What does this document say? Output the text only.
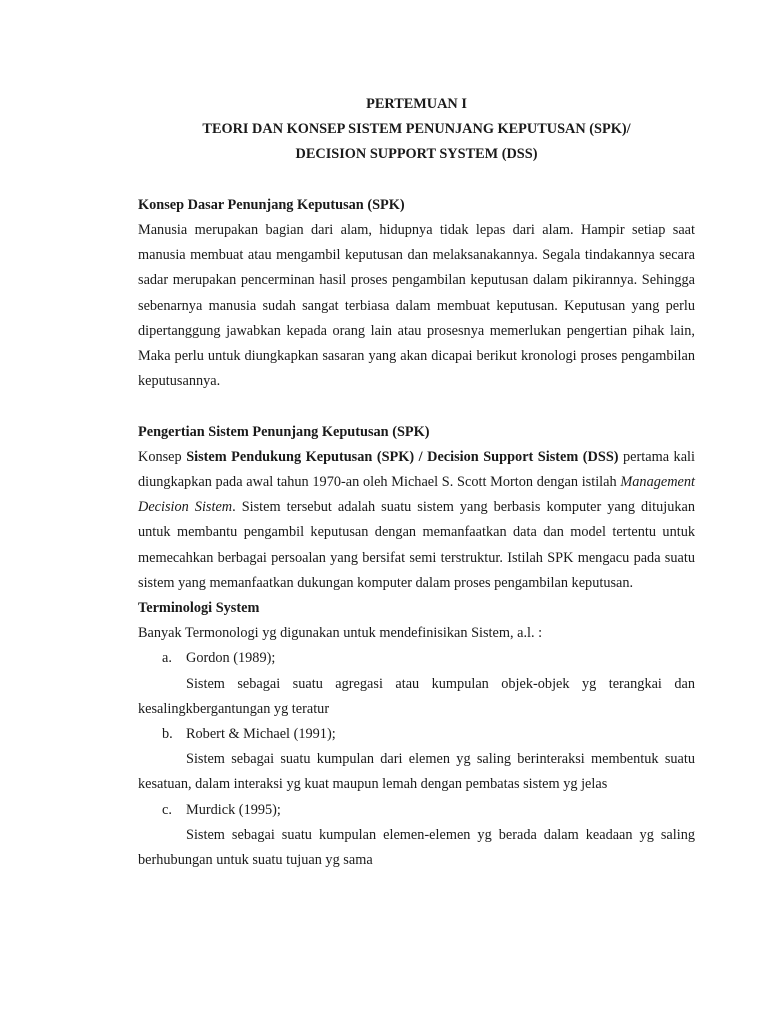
PERTEMUAN I
TEORI DAN KONSEP SISTEM PENUNJANG KEPUTUSAN (SPK)/
DECISION SUPPORT SYSTEM (DSS)
Konsep Dasar Penunjang Keputusan (SPK)
Manusia merupakan bagian dari alam, hidupnya tidak lepas dari alam. Hampir setiap saat manusia membuat atau mengambil keputusan dan melaksanakannya. Segala tindakannya secara sadar merupakan pencerminan hasil proses pengambilan keputusan dalam pikirannya. Sehingga sebenarnya manusia sudah sangat terbiasa dalam membuat keputusan. Keputusan yang perlu dipertanggung jawabkan kepada orang lain atau prosesnya memerlukan pengertian pihak lain, Maka perlu untuk diungkapkan sasaran yang akan dicapai berikut kronologi proses pengambilan keputusannya.
Pengertian Sistem Penunjang Keputusan (SPK)
Konsep Sistem Pendukung Keputusan (SPK) / Decision Support Sistem (DSS) pertama kali diungkapkan pada awal tahun 1970-an oleh Michael S. Scott Morton dengan istilah Management Decision Sistem. Sistem tersebut adalah suatu sistem yang berbasis komputer yang ditujukan untuk membantu pengambil keputusan dengan memanfaatkan data dan model tertentu untuk memecahkan berbagai persoalan yang bersifat semi terstruktur. Istilah SPK mengacu pada suatu sistem yang memanfaatkan dukungan komputer dalam proses pengambilan keputusan.
Terminologi System
Banyak Termonologi yg digunakan untuk mendefinisikan Sistem, a.l. :
a. Gordon (1989);
Sistem sebagai suatu agregasi atau kumpulan objek-objek yg terangkai dan kesalingkbergantungan yg teratur
b. Robert & Michael (1991);
Sistem sebagai suatu kumpulan dari elemen yg saling berinteraksi membentuk suatu kesatuan, dalam interaksi yg kuat maupun lemah dengan pembatas sistem yg jelas
c. Murdick (1995);
Sistem sebagai suatu kumpulan elemen-elemen yg berada dalam keadaan yg saling berhubungan untuk suatu tujuan yg sama
